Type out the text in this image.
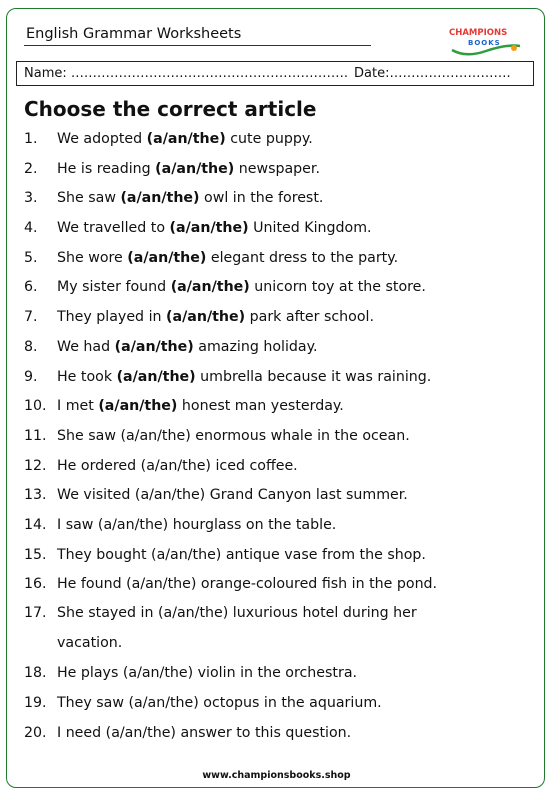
English Grammar Worksheets	CHAMPIONS
BOOKS
Name: ………………………………………………………. Date:……………………….
Choose the correct article
1.	We adopted (a/an/the) cute puppy.
2.	He is reading (a/an/the) newspaper.
3.	She saw (a/an/the) owl in the forest.
4.	We travelled to (a/an/the) United Kingdom.
5.	She wore (a/an/the) elegant dress to the party.
6.	My sister found (a/an/the) unicorn toy at the store.
7.	They played in (a/an/the) park after school.
8.	We had (a/an/the) amazing holiday.
9.	He took (a/an/the) umbrella because it was raining.
10. I met (a/an/the) honest man yesterday.
11. She saw (a/an/the) enormous whale in the ocean.
12. He ordered (a/an/the) iced coffee.
13. We visited (a/an/the) Grand Canyon last summer.
14. I saw (a/an/the) hourglass on the table.
15. They bought (a/an/the) antique vase from the shop.
16. He found (a/an/the) orange-coloured fish in the pond.
17. She stayed in (a/an/the) luxurious hotel during her
vacation.
18. He plays (a/an/the) violin in the orchestra.
19. They saw (a/an/the) octopus in the aquarium.
20. I need (a/an/the) answer to this question.
www.championsbooks.shop
